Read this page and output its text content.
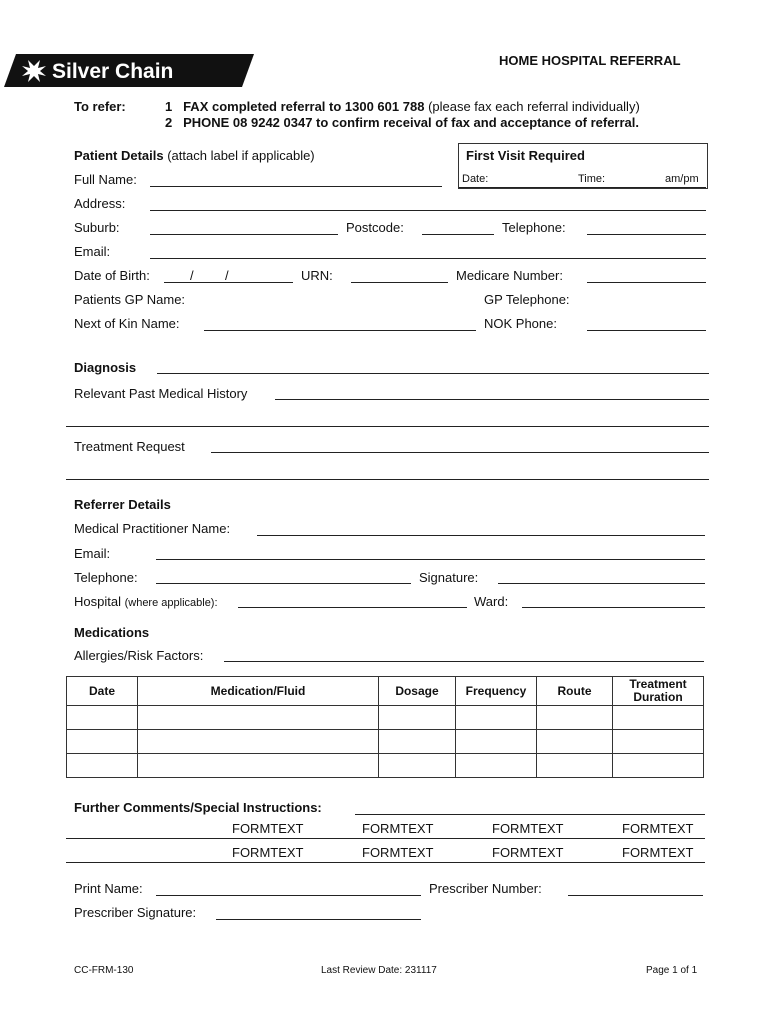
Silver Chain	HOME HOSPITAL REFERRAL
To refer:	1 FAX completed referral to 1300 601 788 (please fax each referral individually)
2 PHONE 08 9242 0347 to confirm receival of fax and acceptance of referral.
Patient Details (attach label if applicable)	First Visit Required
Date:	Time:	am/pm
Full Name:
Address:
Suburb:	Postcode:	Telephone:
Email:
Date of Birth:	/ /	URN:	Medicare Number:
Patients GP Name:	GP Telephone:
Next of Kin Name:	NOK Phone:
Diagnosis
Relevant Past Medical History
Treatment Request
Referrer Details
Medical Practitioner Name:
Email:
Telephone:	Signature:
Hospital (where applicable):	Ward:
Medications
Allergies/Risk Factors:
Date	Medication/Fluid	Dosage	Frequency	Route	Treatment Duration

Further Comments/Special Instructions:
FORMTEXT	FORMTEXT	FORMTEXT	FORMTEXT
FORMTEXT	FORMTEXT	FORMTEXT	FORMTEXT
Print Name:	Prescriber Number:
Prescriber Signature:
CC-FRM-130	Last Review Date: 231117	Page 1 of 1
